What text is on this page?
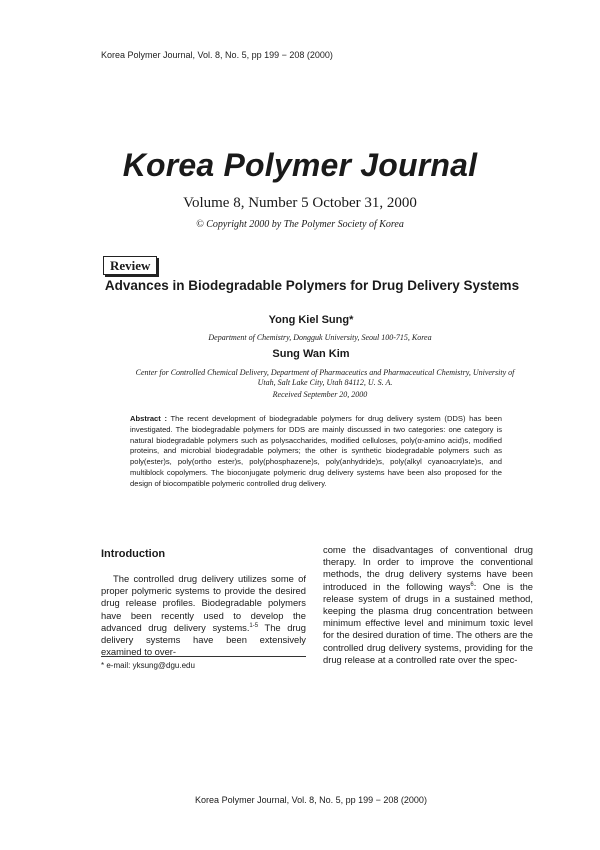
Korea Polymer Journal, Vol. 8, No. 5, pp 199 − 208 (2000)
Korea Polymer Journal
Volume 8, Number 5 October 31, 2000
© Copyright 2000 by The Polymer Society of Korea
Review
Advances in Biodegradable Polymers for Drug Delivery Systems
Yong Kiel Sung*
Department of Chemistry, Dongguk University, Seoul 100-715, Korea
Sung Wan Kim
Center for Controlled Chemical Delivery, Department of Pharmaceutics and Pharmaceutical Chemistry, University of Utah, Salt Lake City, Utah 84112, U. S. A.
Received September 20, 2000
Abstract : The recent development of biodegradable polymers for drug delivery system (DDS) has been investigated. The biodegradable polymers for DDS are mainly discussed in two categories: one category is natural biodegradable polymers such as polysaccharides, modified celluloses, poly(α-amino acid)s, modified proteins, and microbial biodegradable polymers; the other is synthetic biodegradable polymers such as poly(ester)s, poly(ortho ester)s, poly(phosphazene)s, poly(anhydride)s, poly(alkyl cyanoacrylate)s, and multiblock copolymers. The bioconjugate polymeric drug delivery systems have been also proposed for the design of biocompatible polymeric controlled drug delivery.
Introduction
The controlled drug delivery utilizes some of proper polymeric systems to provide the desired drug release profiles. Biodegradable polymers have been recently used to develop the advanced drug delivery systems.$^{1-5}$ The drug delivery systems have been extensively examined to over-
come the disadvantages of conventional drug therapy. In order to improve the conventional methods, the drug delivery systems have been introduced in the following ways$^6$: One is the release system of drugs in a sustained method, keeping the plasma drug concentration between minimum effective level and minimum toxic level for the desired duration of time. The others are the controlled drug delivery systems, providing for the drug release at a controlled rate over the spec-
* e-mail: yksung@dgu.edu
Korea Polymer Journal, Vol. 8, No. 5, pp 199 − 208 (2000)
